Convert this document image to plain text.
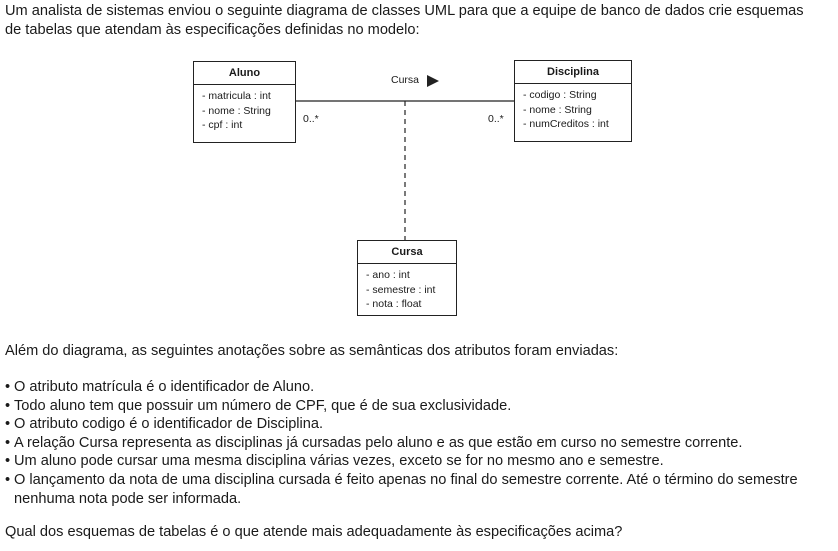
Um analista de sistemas enviou o seguinte diagrama de classes UML para que a equipe de banco de dados crie esquemas
de tabelas que atendam às especificações definidas no modelo:

Aluno
- matricula : int
- nome : String
- cpf : int
Disciplina
- codigo : String
- nome : String
- numCreditos : int
Cursa
- ano : int
- semestre : int
- nota : float
Cursa
0..*	0..*

Além do diagrama, as seguintes anotações sobre as semânticas dos atributos foram enviadas:

• O atributo matrícula é o identificador de Aluno.
• Todo aluno tem que possuir um número de CPF, que é de sua exclusividade.
• O atributo codigo é o identificador de Disciplina.
• A relação Cursa representa as disciplinas já cursadas pelo aluno e as que estão em curso no semestre corrente.
• Um aluno pode cursar uma mesma disciplina várias vezes, exceto se for no mesmo ano e semestre.
• O lançamento da nota de uma disciplina cursada é feito apenas no final do semestre corrente. Até o término do semestre
nenhuma nota pode ser informada.

Qual dos esquemas de tabelas é o que atende mais adequadamente às especificações acima?
